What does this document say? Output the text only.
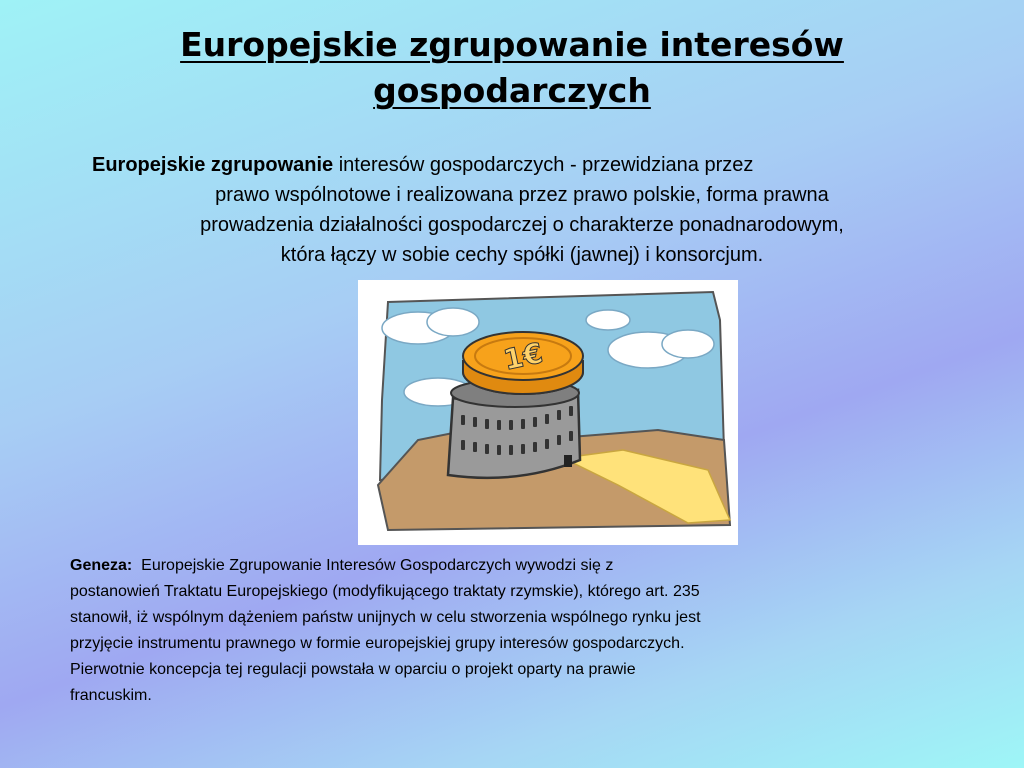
Europejskie zgrupowanie interesów
gospodarczych

Europejskie zgrupowanie interesów gospodarczych - przewidziana przez
prawo wspólnotowe i realizowana przez prawo polskie, forma prawna
prowadzenia działalności gospodarczej o charakterze ponadnarodowym,
która łączy w sobie cechy spółki (jawnej) i konsorcjum.

1€

Geneza:  Europejskie Zgrupowanie Interesów Gospodarczych wywodzi się z
postanowień Traktatu Europejskiego (modyfikującego traktaty rzymskie), którego art. 235
stanowił, iż wspólnym dążeniem państw unijnych w celu stworzenia wspólnego rynku jest
przyjęcie instrumentu prawnego w formie europejskiej grupy interesów gospodarczych.
Pierwotnie koncepcja tej regulacji powstała w oparciu o projekt oparty na prawie
francuskim.
